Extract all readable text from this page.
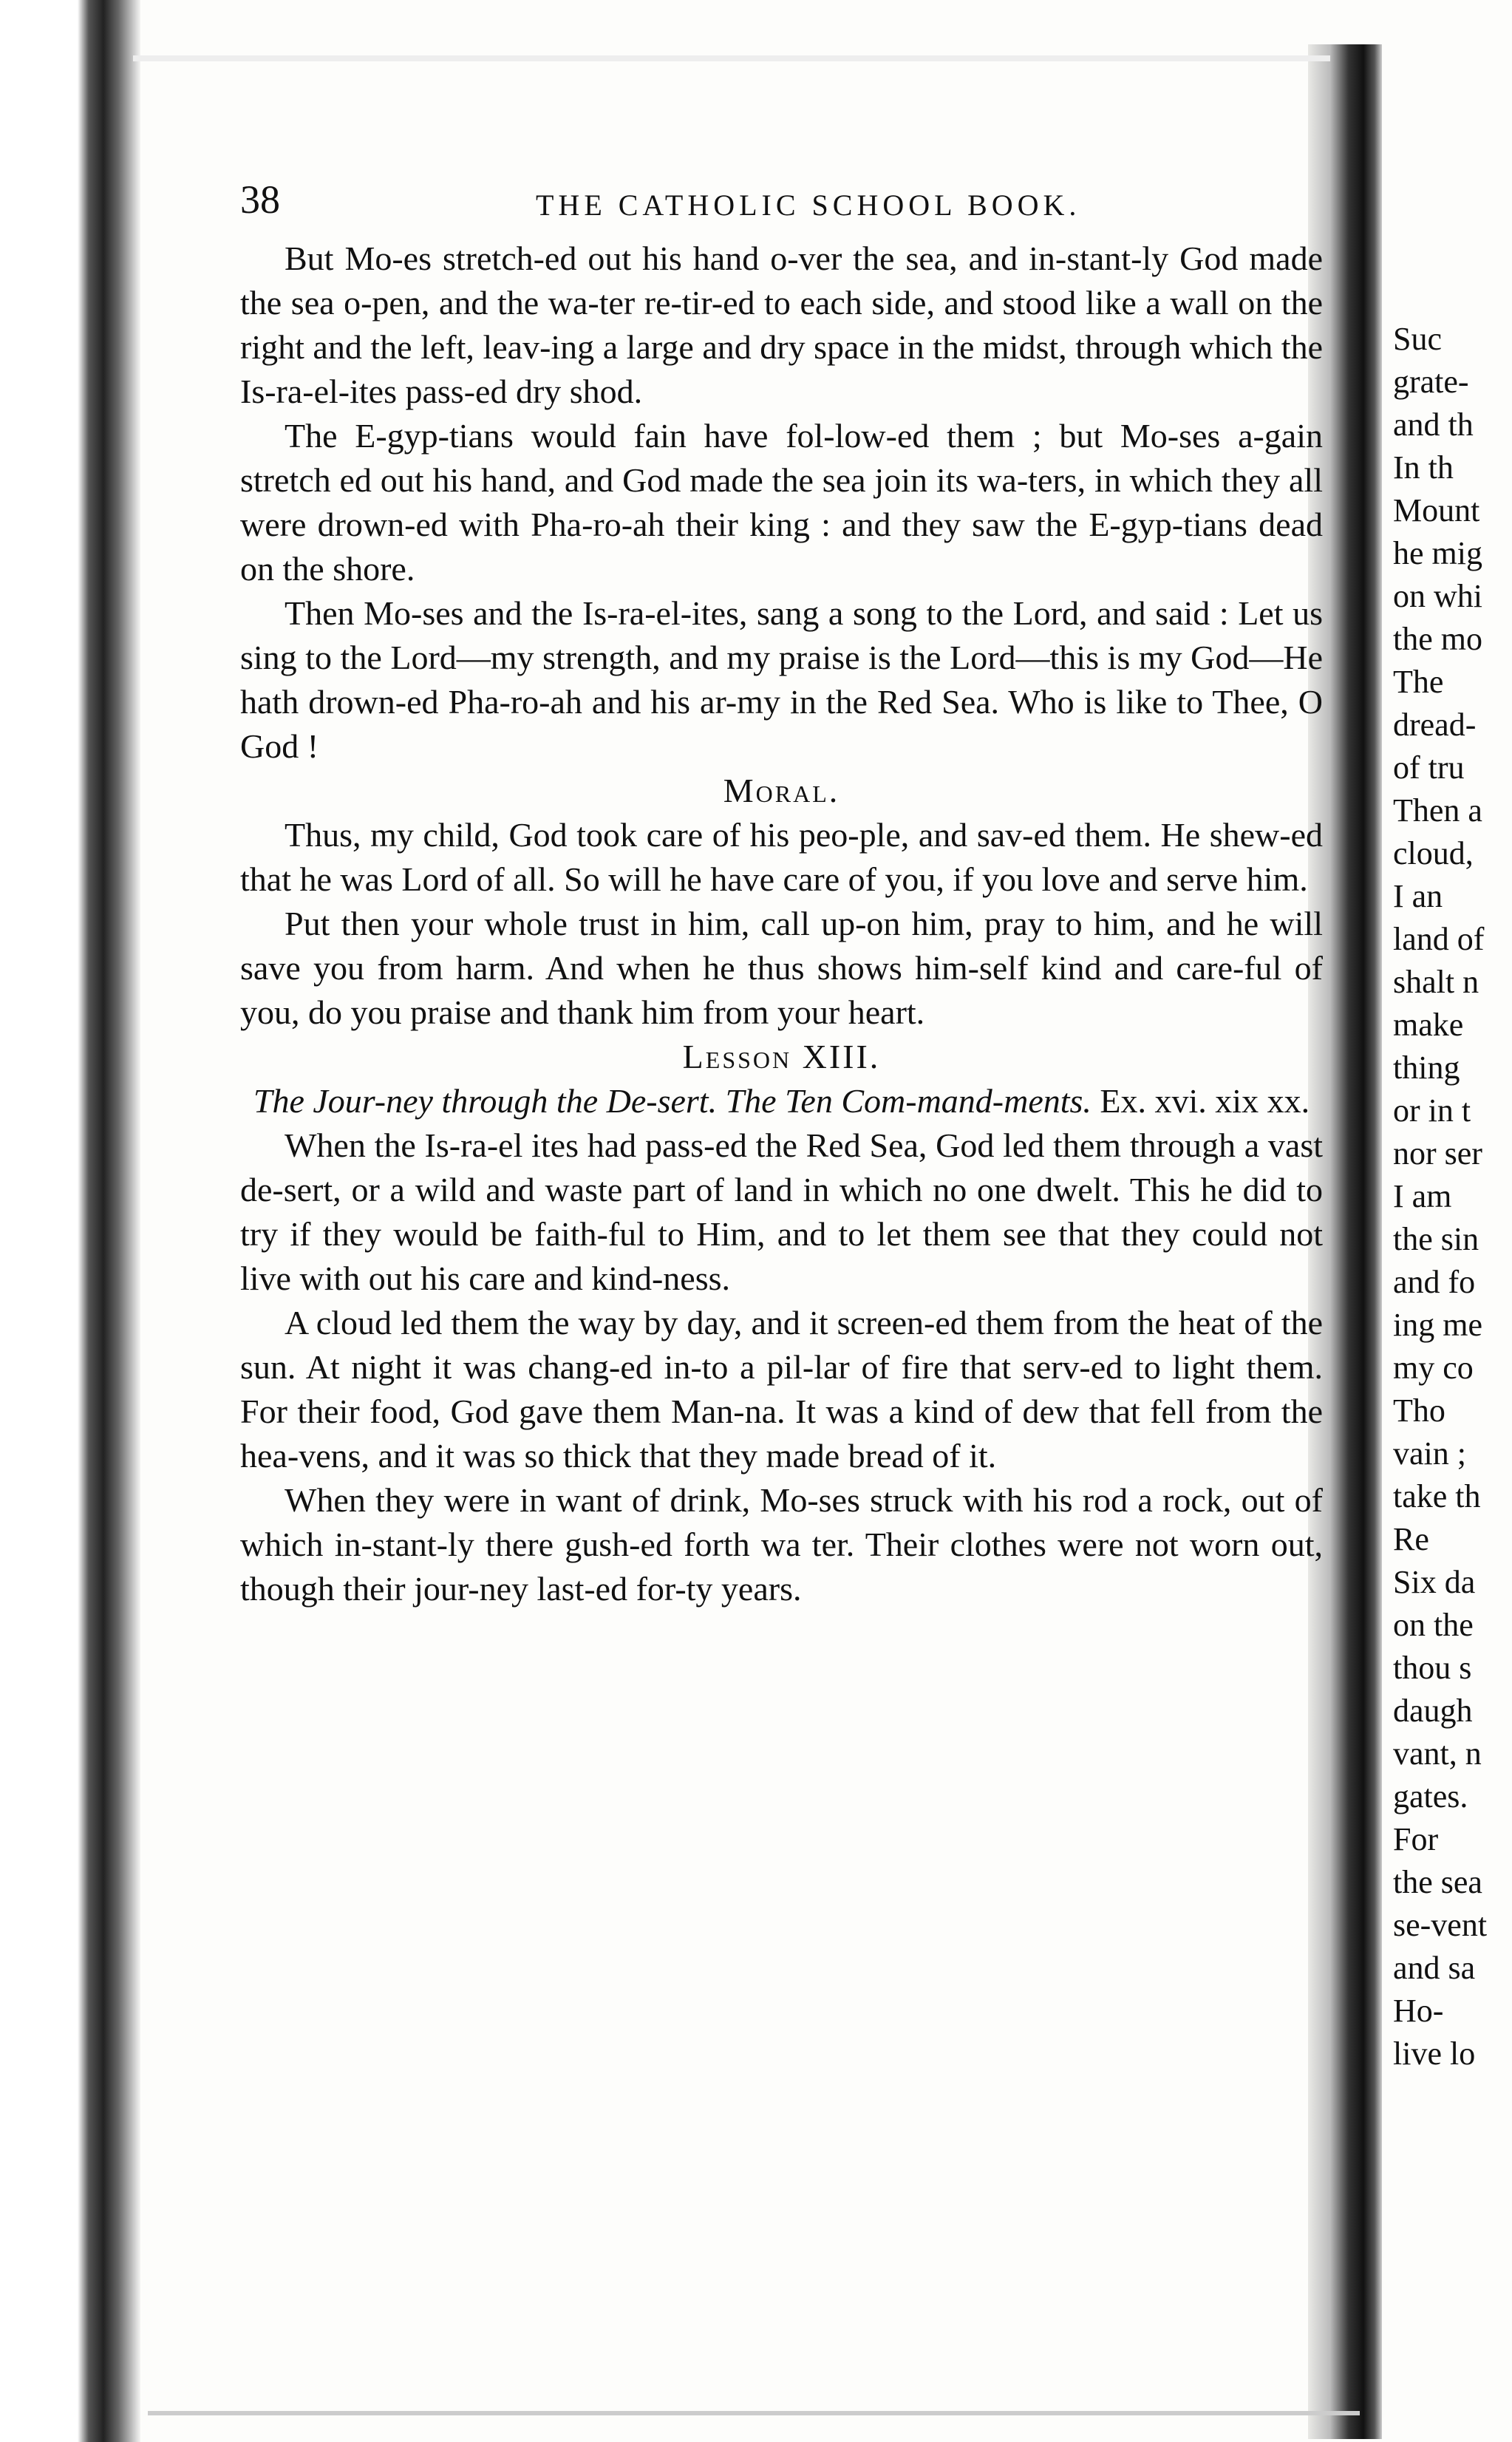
38	THE CATHOLIC SCHOOL BOOK.

But Mo-es stretch-ed out his hand o-ver the sea, and in-stant-ly God made the sea o-pen, and the wa-ter re-tir-ed to each side, and stood like a wall on the right and the left, leav-ing a large and dry space in the midst, through which the Is-ra-el-ites pass-ed dry shod.

The E-gyp-tians would fain have fol-low-ed them ; but Mo-ses a-gain stretch ed out his hand, and God made the sea join its wa-ters, in which they all were drown-ed with Pha-ro-ah their king : and they saw the E-gyp-tians dead on the shore.

Then Mo-ses and the Is-ra-el-ites, sang a song to the Lord, and said : Let us sing to the Lord—my strength, and my praise is the Lord—this is my God—He hath drown-ed Pha-ro-ah and his ar-my in the Red Sea. Who is like to Thee, O God !

Moral.

Thus, my child, God took care of his peo-ple, and sav-ed them. He shew-ed that he was Lord of all. So will he have care of you, if you love and serve him.

Put then your whole trust in him, call up-on him, pray to him, and he will save you from harm. And when he thus shows him-self kind and care-ful of you, do you praise and thank him from your heart.

Lesson XIII.

The Jour-ney through the De-sert. The Ten Com-mand-ments. Ex. xvi. xix xx.

When the Is-ra-el ites had pass-ed the Red Sea, God led them through a vast de-sert, or a wild and waste part of land in which no one dwelt. This he did to try if they would be faith-ful to Him, and to let them see that they could not live with out his care and kind-ness.

A cloud led them the way by day, and it screen-ed them from the heat of the sun. At night it was chang-ed in-to a pil-lar of fire that serv-ed to light them. For their food, God gave them Man-na. It was a kind of dew that fell from the hea-vens, and it was so thick that they made bread of it.

When they were in want of drink, Mo-ses struck with his rod a rock, out of which in-stant-ly there gush-ed forth wa ter. Their clothes were not worn out, though their jour-ney last-ed for-ty years.

Suc
grate-
and th
In th
Mount
he mig
on whi
the mo
The
dread-
of tru
Then a
cloud,
I an
land of
shalt n
make
thing
or in t
nor ser
I am
the sin
and fo
ing me
my co
Tho
vain ;
take th
Re
Six da
on the
thou s
daugh
vant, n
gates.
For
the sea
se-vent
and sa
Ho-
live lo
